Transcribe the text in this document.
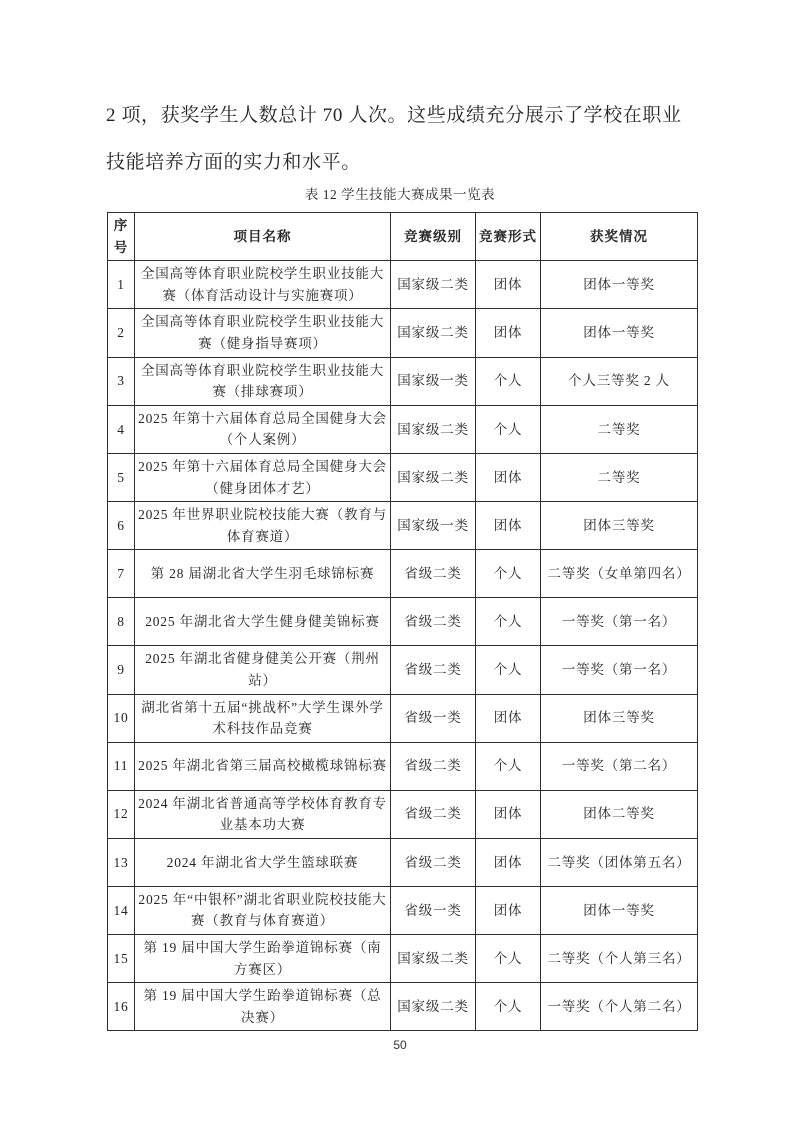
2 项，获奖学生人数总计 70 人次。这些成绩充分展示了学校在职业
技能培养方面的实力和水平。
表 12 学生技能大赛成果一览表
序号	项目名称	竞赛级别	竞赛形式	获奖情况
1	全国高等体育职业院校学生职业技能大赛（体育活动设计与实施赛项）	国家级二类	团体	团体一等奖
2	全国高等体育职业院校学生职业技能大赛（健身指导赛项）	国家级二类	团体	团体一等奖
3	全国高等体育职业院校学生职业技能大赛（排球赛项）	国家级一类	个人	个人三等奖 2 人
4	2025 年第十六届体育总局全国健身大会（个人案例）	国家级二类	个人	二等奖
5	2025 年第十六届体育总局全国健身大会（健身团体才艺）	国家级二类	团体	二等奖
6	2025 年世界职业院校技能大赛（教育与体育赛道）	国家级一类	团体	团体三等奖
7	第 28 届湖北省大学生羽毛球锦标赛	省级二类	个人	二等奖（女单第四名）
8	2025 年湖北省大学生健身健美锦标赛	省级二类	个人	一等奖（第一名）
9	2025 年湖北省健身健美公开赛（荆州站）	省级二类	个人	一等奖（第一名）
10	湖北省第十五届“挑战杯”大学生课外学术科技作品竞赛	省级一类	团体	团体三等奖
11	2025 年湖北省第三届高校橄榄球锦标赛	省级二类	个人	一等奖（第二名）
12	2024 年湖北省普通高等学校体育教育专业基本功大赛	省级二类	团体	团体二等奖
13	2024 年湖北省大学生篮球联赛	省级二类	团体	二等奖（团体第五名）
14	2025 年“中银杯”湖北省职业院校技能大赛（教育与体育赛道）	省级一类	团体	团体一等奖
15	第 19 届中国大学生跆拳道锦标赛（南方赛区）	国家级二类	个人	二等奖（个人第三名）
16	第 19 届中国大学生跆拳道锦标赛（总决赛）	国家级二类	个人	一等奖（个人第二名）
50
